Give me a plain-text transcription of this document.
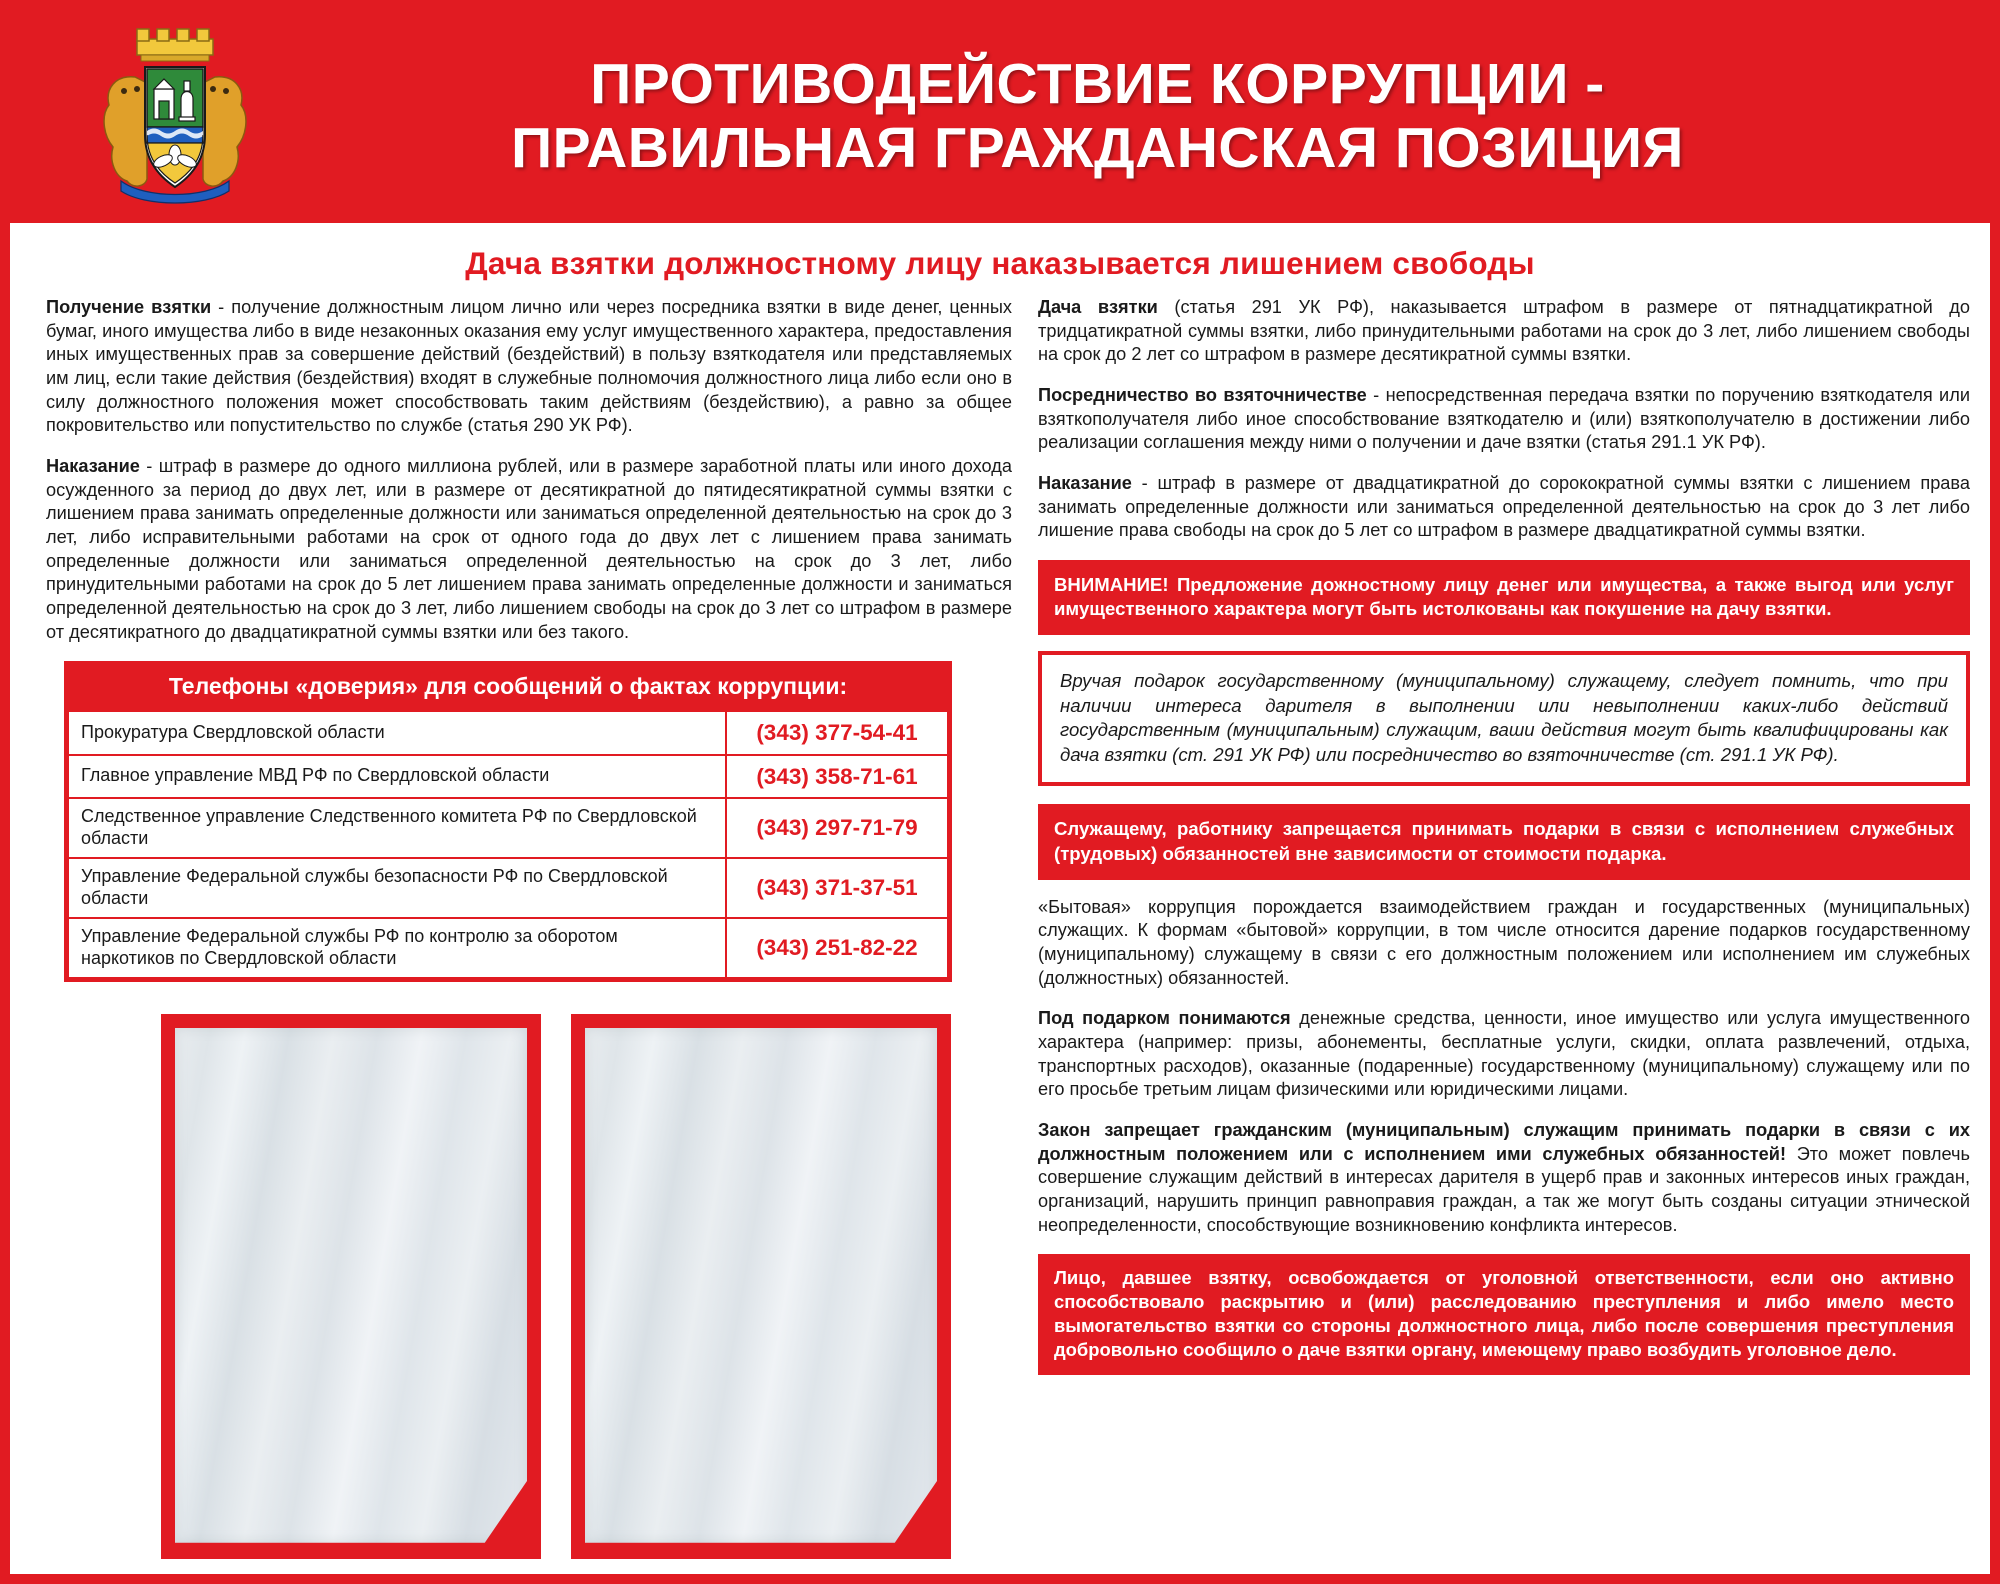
ПРОТИВОДЕЙСТВИЕ КОРРУПЦИИ -
ПРАВИЛЬНАЯ ГРАЖДАНСКАЯ ПОЗИЦИЯ
Дача взятки должностному лицу наказывается лишением свободы

Получение взятки - получение должностным лицом лично или через посредника взятки в виде денег, ценных бумаг, иного имущества либо в виде незаконных оказания ему услуг имущественного характера, предоставления иных имущественных прав за совершение действий (бездействий) в пользу взяткодателя или представляемых им лиц, если такие действия (бездействия) входят в служебные полномочия должностного лица либо если оно в силу должностного положения может способствовать таким действиям (бездействию), а равно за общее покровительство или попустительство по службе (статья 290 УК РФ).

Наказание - штраф в размере до одного миллиона рублей, или в размере заработной платы или иного дохода осужденного за период до двух лет, или в размере от десятикратной до пятидесятикратной суммы взятки с лишением права занимать определенные должности или заниматься определенной деятельностью на срок до 3 лет, либо исправительными работами на срок от одного года до двух лет с лишением права занимать определенные должности или заниматься определенной деятельностью на срок до 3 лет, либо принудительными работами на срок до 5 лет лишением права занимать определенные должности и заниматься определенной деятельностью на срок до 3 лет, либо лишением свободы на срок до 3 лет со штрафом в размере от десятикратного до двадцатикратной суммы взятки или без такого.

Телефоны «доверия» для сообщений о фактах коррупции:
Прокуратура Свердловской области	(343) 377-54-41
Главное управление МВД РФ по Свердловской области	(343) 358-71-61
Следственное управление Следственного комитета РФ по Свердловской области	(343) 297-71-79
Управление Федеральной службы безопасности РФ по Свердловской области	(343) 371-37-51
Управление Федеральной службы РФ по контролю за оборотом наркотиков по Свердловской области	(343) 251-82-22

Дача взятки (статья 291 УК РФ), наказывается штрафом в размере от пятнадцатикратной до тридцатикратной суммы взятки, либо принудительными работами на срок до 3 лет, либо лишением свободы на срок до 2 лет со штрафом в размере десятикратной суммы взятки.

Посредничество во взяточничестве - непосредственная передача взятки по поручению взяткодателя или взяткополучателя либо иное способствование взяткодателю и (или) взяткополучателю в достижении либо реализации соглашения между ними о получении и даче взятки (статья 291.1 УК РФ).

Наказание - штраф в размере от двадцатикратной до сорокократной суммы взятки с лишением права занимать определенные должности или заниматься определенной деятельностью на срок до 3 лет либо лишение права свободы на срок до 5 лет со штрафом в размере двадцатикратной суммы взятки.

ВНИМАНИЕ! Предложение дожностному лицу денег или имущества, а также выгод или услуг имущественного характера могут быть истолкованы как покушение на дачу взятки.
Вручая подарок государственному (муниципальному) служащему, следует помнить, что при наличии интереса дарителя в выполнении или невыполнении каких-либо действий государственным (муниципальным) служащим, ваши действия могут быть квалифицированы как дача взятки (ст. 291 УК РФ) или посредничество во взяточничестве (ст. 291.1 УК РФ).
Служащему, работнику запрещается принимать подарки в связи с исполнением служебных (трудовых) обязанностей вне зависимости от стоимости подарка.

«Бытовая» коррупция порождается взаимодействием граждан и государственных (муниципальных) служащих. К формам «бытовой» коррупции, в том числе относится дарение подарков государственному (муниципальному) служащему в связи с его должностным положением или исполнением им служебных (должностных) обязанностей.

Под подарком понимаются денежные средства, ценности, иное имущество или услуга имущественного характера (например: призы, абонементы, бесплатные услуги, скидки, оплата развлечений, отдыха, транспортных расходов), оказанные (подаренные) государственному (муниципальному) служащему или по его просьбе третьим лицам физическими или юридическими лицами.

Закон запрещает гражданским (муниципальным) служащим принимать подарки в связи с их должностным положением или с исполнением ими служебных обязанностей! Это может повлечь совершение служащим действий в интересах дарителя в ущерб прав и законных интересов иных граждан, организаций, нарушить принцип равноправия граждан, а так же могут быть созданы ситуации этнической неопределенности, способствующие возникновению конфликта интересов.

Лицо, давшее взятку, освобождается от уголовной ответственности, если оно активно способствовало раскрытию и (или) расследованию преступления и либо имело место вымогательство взятки со стороны должностного лица, либо после совершения преступления добровольно сообщило о даче взятки органу, имеющему право возбудить уголовное дело.
